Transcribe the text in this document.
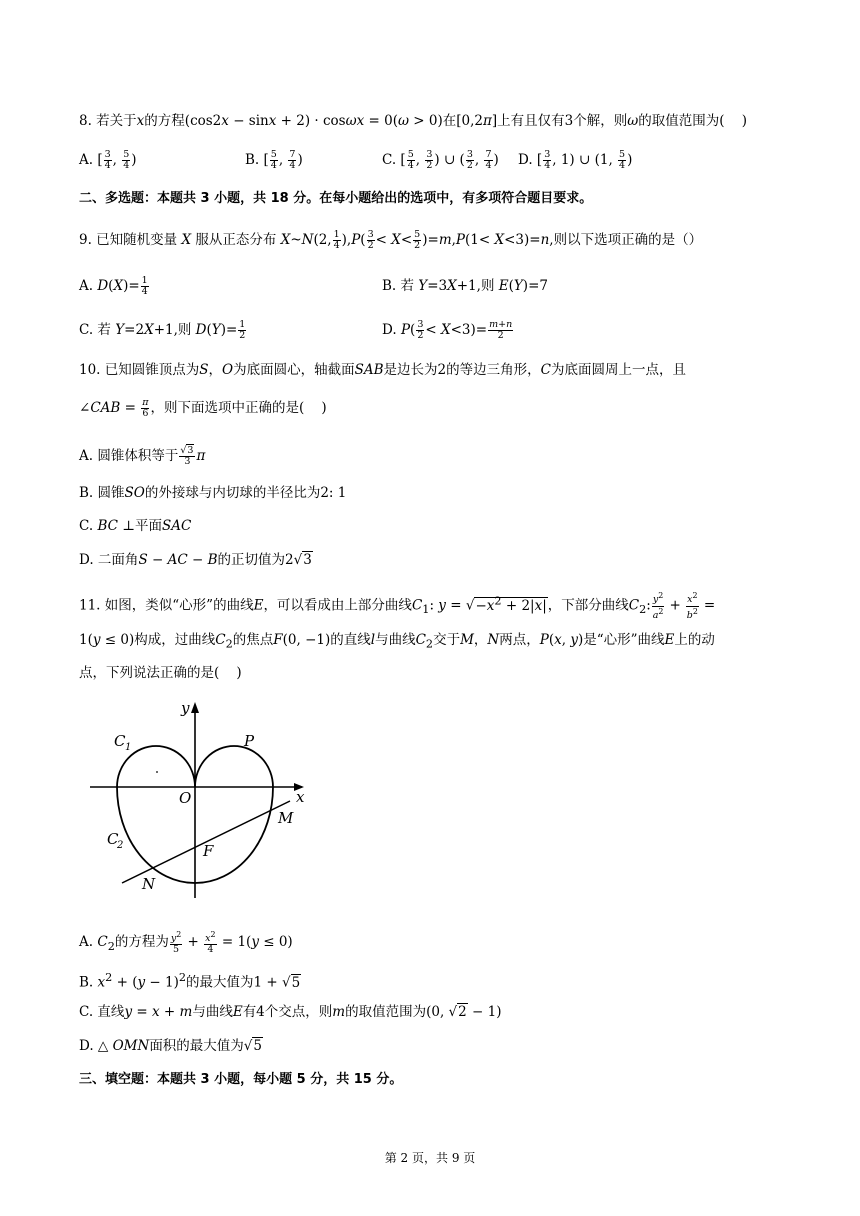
8. 若关于x的方程(cos2x − sinx + 2) · cosωx = 0(ω > 0)在[0,2π]上有且仅有3个解，则ω的取值范围为(    )
A. [ $\frac{3}{4}$ , $\frac{5}{4}$ )	B. [ $\frac{5}{4}$ , $\frac{7}{4}$ )	C. [ $\frac{5}{4}$ , $\frac{3}{2}$ ) ∪ ( $\frac{3}{2}$ , $\frac{7}{4}$ ) D. [ $\frac{3}{4}$ , 1) ∪ (1, $\frac{5}{4}$ )
二、多选题：本题共 3 小题，共 18 分。在每小题给出的选项中，有多项符合题目要求。
9. 已知随机变量 X 服从正态分布 X~N(2, $\frac{1}{4} ),P( \frac{3}{2} < X< \frac{5}{2} )=m,P(1< X<3)=n$,则以下选项正确的是（）
A. $D(X)= \frac{1}{4}$	B. 若 Y=3X+1,则 E(Y)=7
C. 若 Y=2X+1,则 $D(Y)= \frac{1}{2}$	D. $P( \frac{3}{2} < X<3)= \frac{m+n}{2}$
10. 已知圆锥顶点为S，O为底面圆心，轴截面SAB是边长为2的等边三角形，C为底面圆周上一点，且
∠CAB = $\frac{\pi}{6}$ ，则下面选项中正确的是(    )
A. 圆锥体积等于 $\frac{√3}{3}$ π
B. 圆锥SO的外接球与内切球的半径比为2: 1
C. BC ⊥平面SAC
D. 二面角S − AC − B的正切值为2√3
11. 如图，类似“心形”的曲线E，可以看成由上部分曲线$C_1$: $y = √-x^2 + 2|x|$，下部分曲线$C_2$: $\frac{y^2}{a^2} + \frac{x^2}{b^2}$ =
1(y ≤ 0)构成，过曲线$C_2$的焦点F(0, −1)的直线l与曲线$C_2$交于M，N两点，P(x, y)是“心形”曲线E上的动
点，下列说法正确的是(    )
y
x
O
P
C 1
C
2
M
N
F
A. $C_2$的方程为 $\frac{y^2}{5} + \frac{x^2}{4} = 1(y \le 0)$
B. $x^2 + (y - 1)^2$的最大值为1 + √5
C. 直线y = x + m与曲线E有4个交点，则m的取值范围为(0, √2 − 1)
D. △ OMN面积的最大值为√5
三、填空题：本题共 3 小题，每小题 5 分，共 15 分。
第 2 页，共 9 页
